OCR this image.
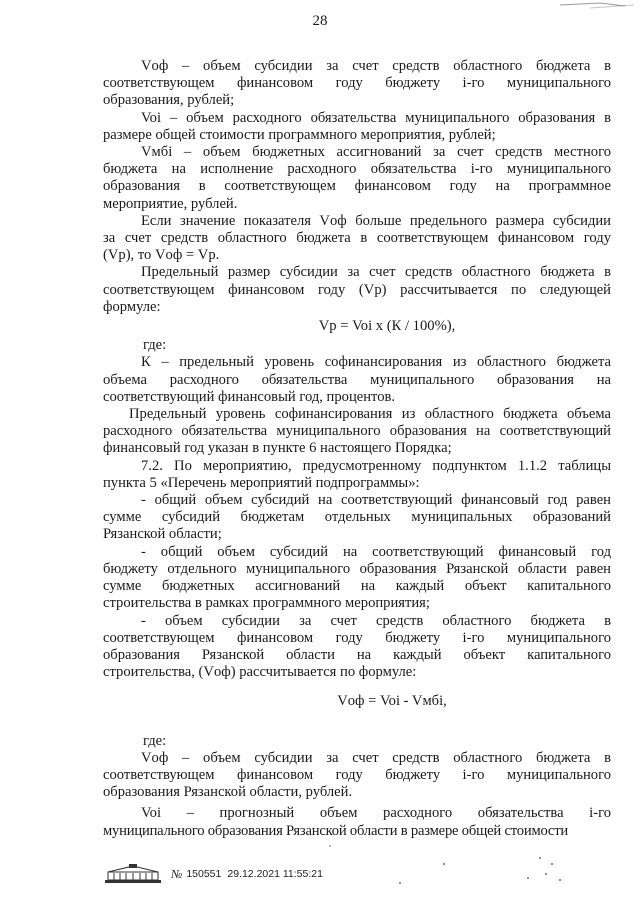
28

Vоф – объем субсидии за счет средств областного бюджета в

соответствующем финансовом году бюджету i-го муниципального

образования, рублей;

Voi – объем расходного обязательства муниципального образования в

размере общей стоимости программного мероприятия, рублей;

Vмбi – объем бюджетных ассигнований за счет средств местного

бюджета на исполнение расходного обязательства i-го муниципального

образования в соответствующем финансовом году на программное

мероприятие, рублей.

Если значение показателя Vоф больше предельного размера субсидии

за счет средств областного бюджета в соответствующем финансовом году

(Vр), то Vоф = Vр.

Предельный размер субсидии за счет средств областного бюджета в

соответствующем финансовом году (Vр) рассчитывается по следующей

формуле:

Vр = Voi x (К / 100%),

где:

К – предельный уровень софинансирования из областного бюджета

объема расходного обязательства муниципального образования на

соответствующий финансовый год, процентов.

Предельный уровень софинансирования из областного бюджета объема

расходного обязательства муниципального образования на соответствующий

финансовый год указан в пункте 6 настоящего Порядка;

7.2. По мероприятию, предусмотренному подпунктом 1.1.2 таблицы

пункта 5 «Перечень мероприятий подпрограммы»:

- общий объем субсидий на соответствующий финансовый год равен

сумме субсидий бюджетам отдельных муниципальных образований

Рязанской области;

- общий объем субсидий на соответствующий финансовый год

бюджету отдельного муниципального образования Рязанской области равен

сумме бюджетных ассигнований на каждый объект капитального

строительства в рамках программного мероприятия;

- объем субсидии за счет средств областного бюджета в

соответствующем финансовом году бюджету i-го муниципального

образования Рязанской области на каждый объект капитального

строительства, (Vоф) рассчитывается по формуле:

Vоф = Voi - Vмбi,

где:

Vоф – объем субсидии за счет средств областного бюджета в

соответствующем финансовом году бюджету i-го муниципального

образования Рязанской области, рублей.

Voi – прогнозный объем расходного обязательства i-го

муниципального образования Рязанской области в размере общей стоимости

№ 150551 29.12.2021 11:55:21
